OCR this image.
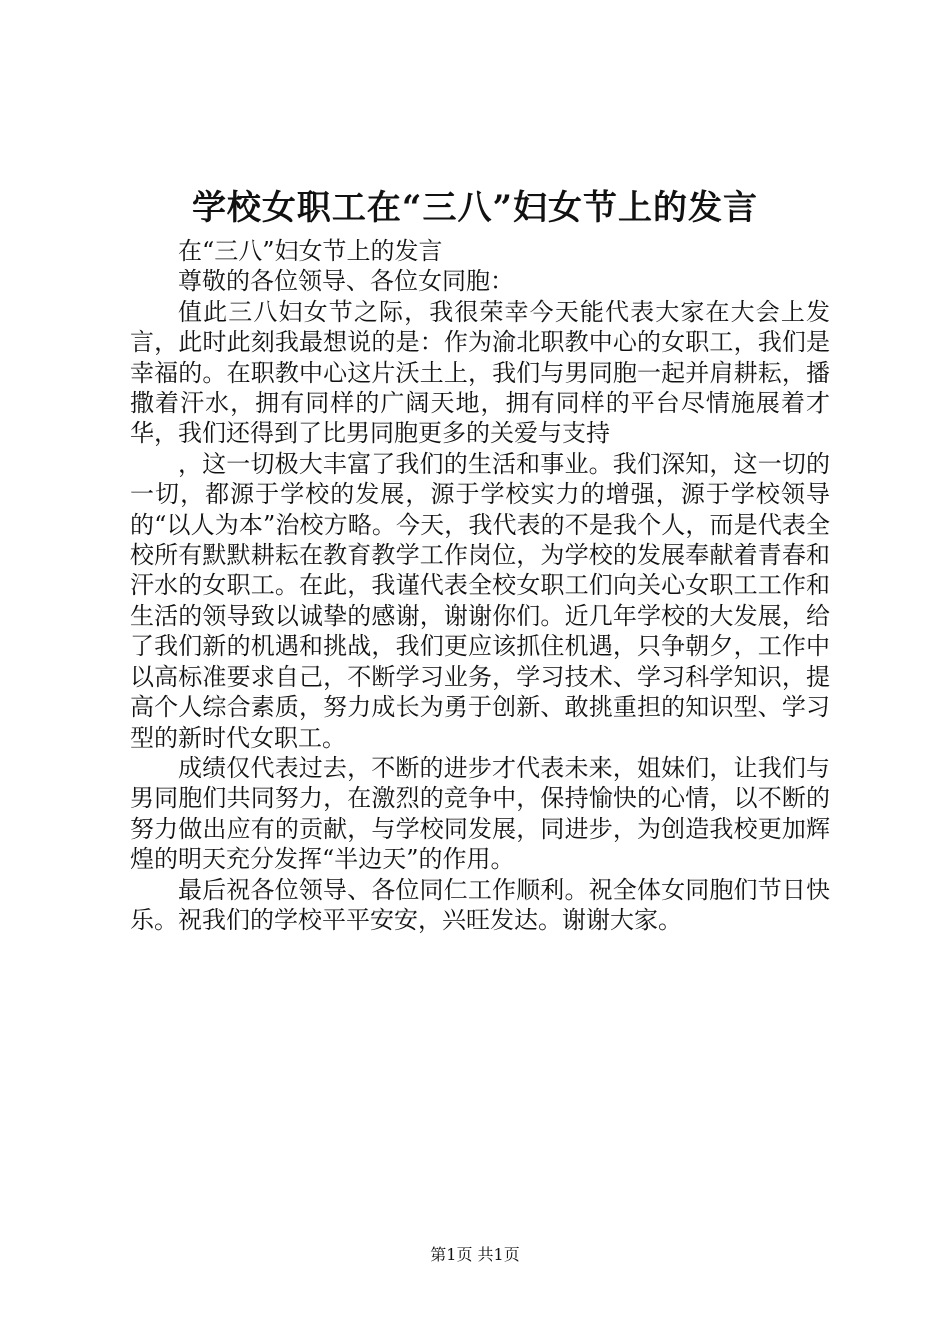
学校女职工在“三八”妇女节上的发言

在“三八”妇女节上的发言

尊敬的各位领导、各位女同胞：

值此三八妇女节之际，我很荣幸今天能代表大家在大会上发言，此时此刻我最想说的是：作为渝北职教中心的女职工，我们是幸福的。在职教中心这片沃土上，我们与男同胞一起并肩耕耘，播撒着汗水，拥有同样的广阔天地，拥有同样的平台尽情施展着才华，我们还得到了比男同胞更多的关爱与支持

，这一切极大丰富了我们的生活和事业。我们深知，这一切的一切，都源于学校的发展，源于学校实力的增强，源于学校领导的“以人为本”治校方略。今天，我代表的不是我个人，而是代表全校所有默默耕耘在教育教学工作岗位，为学校的发展奉献着青春和汗水的女职工。在此，我谨代表全校女职工们向关心女职工工作和生活的领导致以诚挚的感谢，谢谢你们。近几年学校的大发展，给了我们新的机遇和挑战，我们更应该抓住机遇，只争朝夕，工作中以高标准要求自己，不断学习业务，学习技术、学习科学知识，提高个人综合素质，努力成长为勇于创新、敢挑重担的知识型、学习型的新时代女职工。

成绩仅代表过去，不断的进步才代表未来，姐妹们，让我们与男同胞们共同努力，在激烈的竞争中，保持愉快的心情，以不断的努力做出应有的贡献，与学校同发展，同进步，为创造我校更加辉煌的明天充分发挥“半边天”的作用。

最后祝各位领导、各位同仁工作顺利。祝全体女同胞们节日快乐。祝我们的学校平平安安，兴旺发达。谢谢大家。

第1页 共1页
